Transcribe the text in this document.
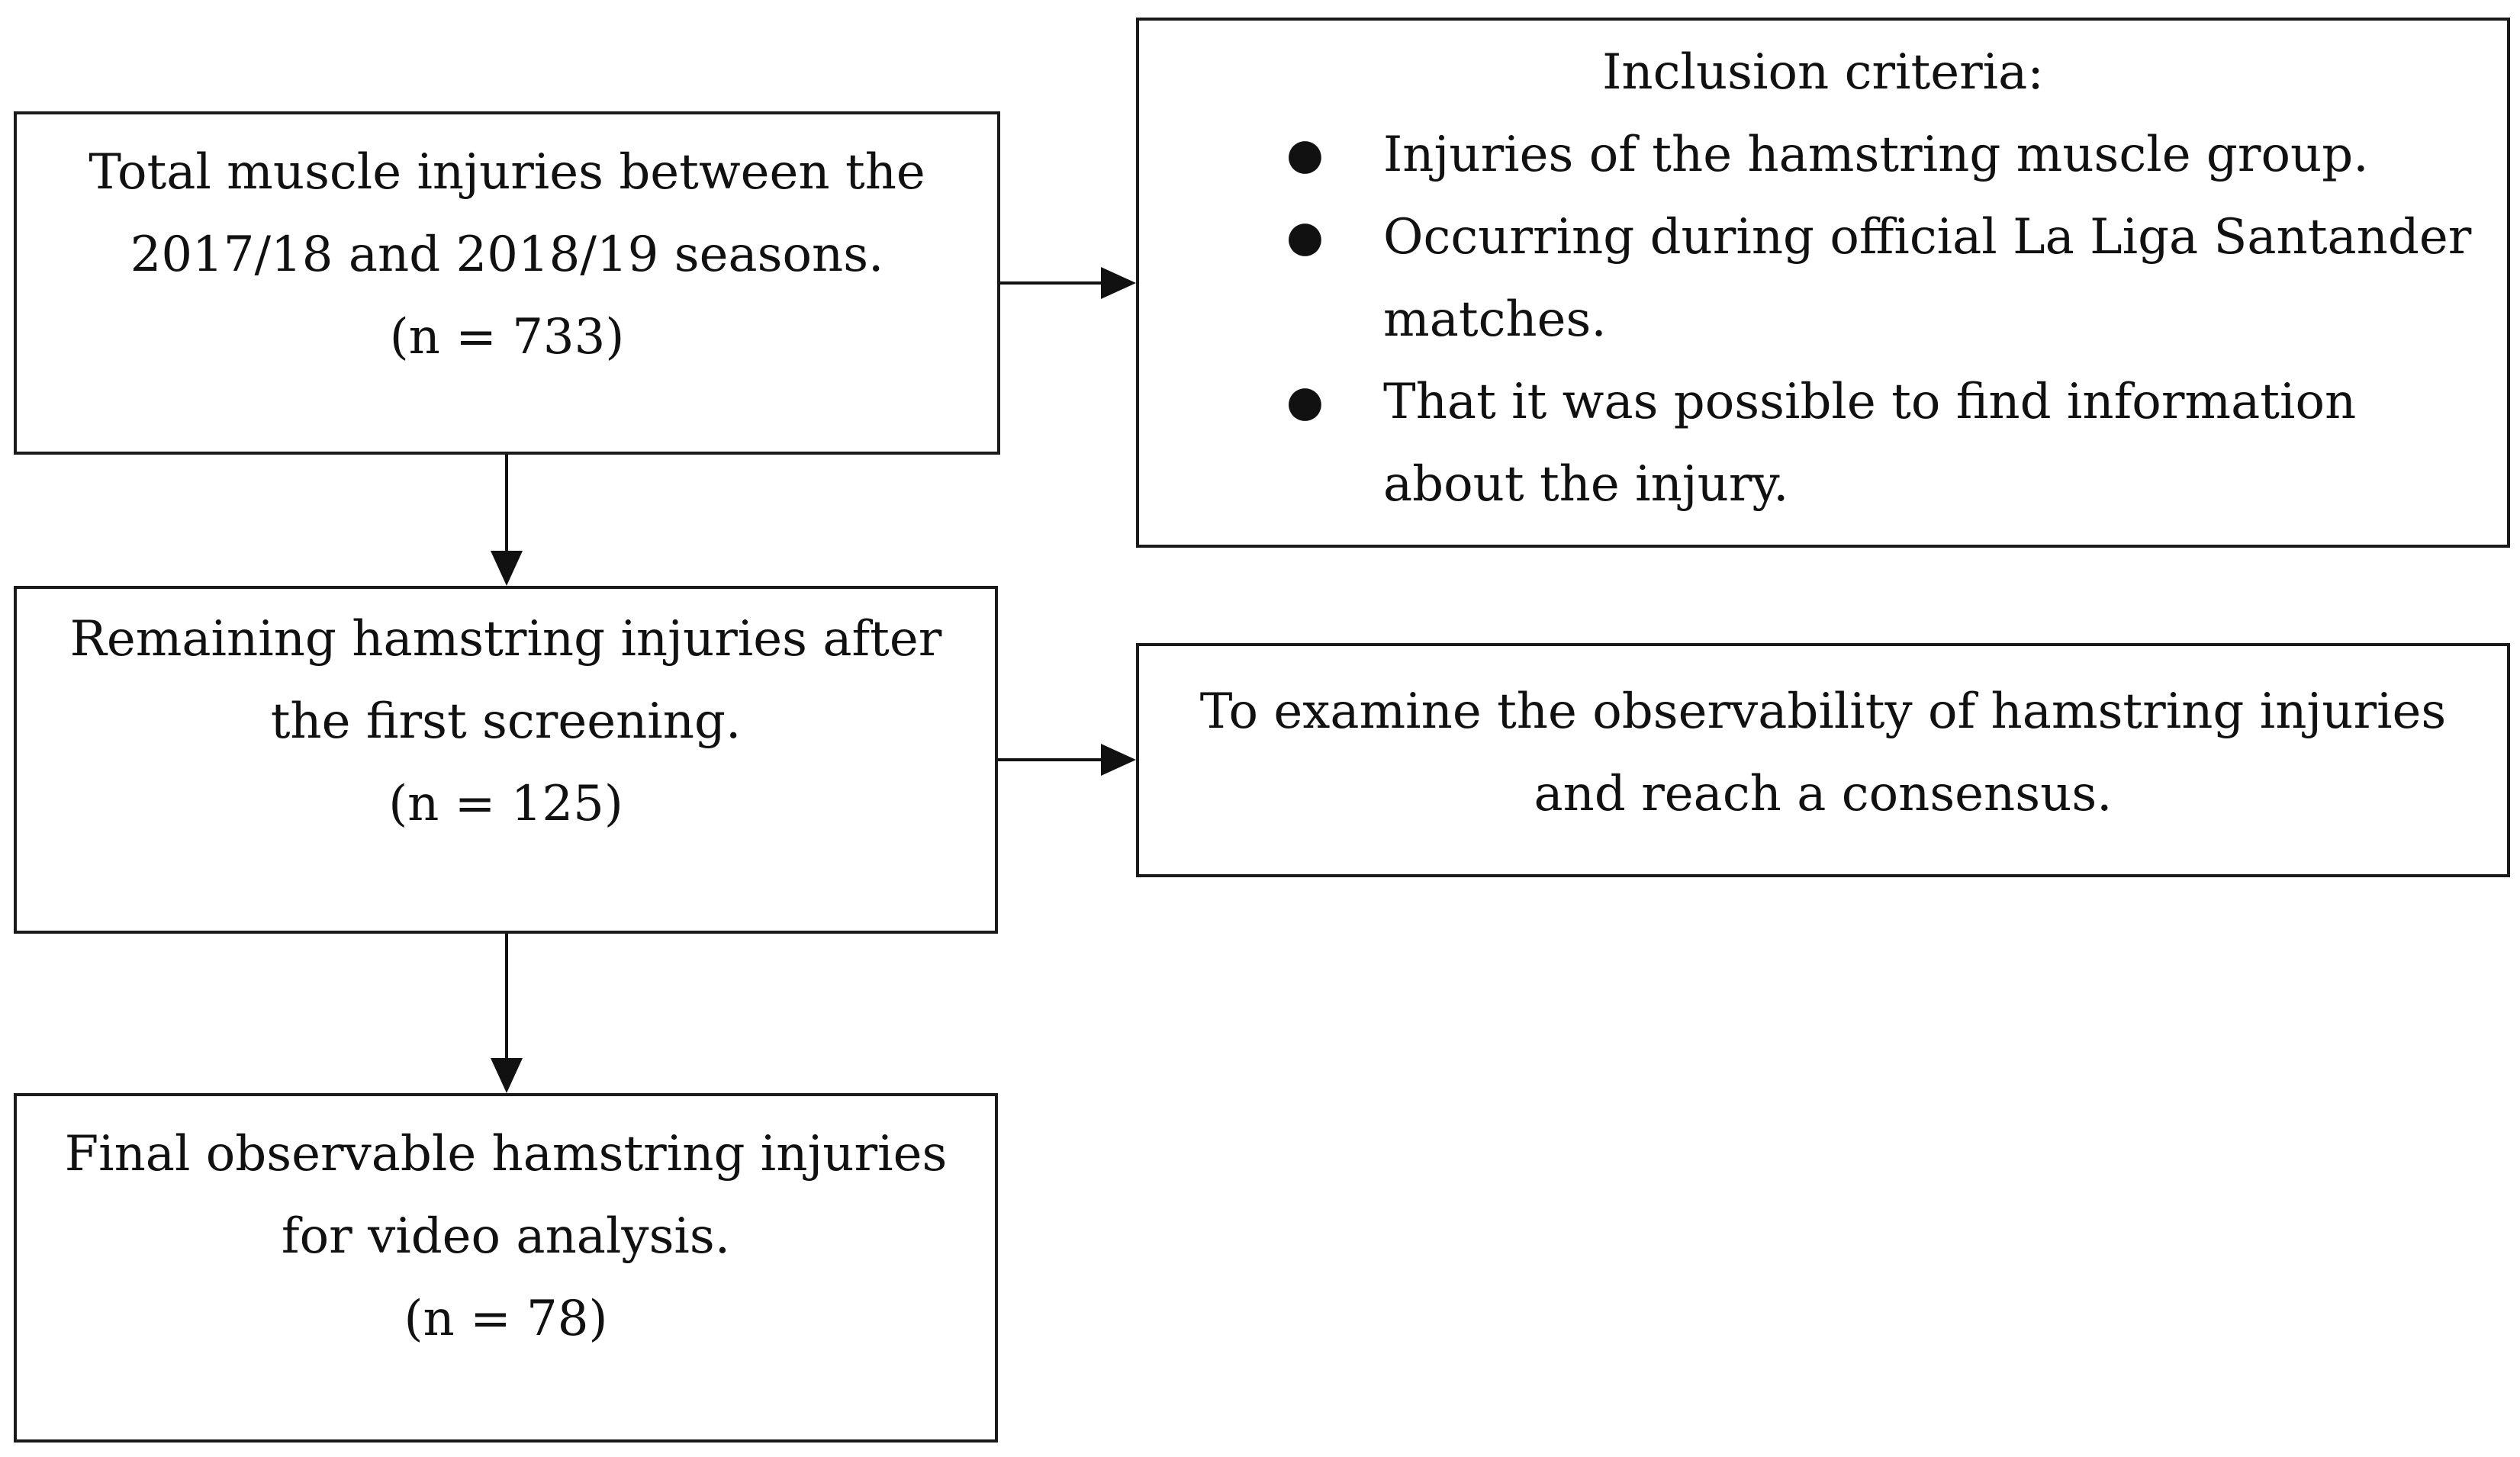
Total muscle injuries between the
2017/18 and 2018/19 seasons.
(n = 733)
Inclusion criteria:
● Injuries of the hamstring muscle group.
● Occurring during official La Liga Santander matches.
● That it was possible to find information about the injury.
Remaining hamstring injuries after
the first screening.
(n = 125)
To examine the observability of hamstring injuries
and reach a consensus.
Final observable hamstring injuries
for video analysis.
(n = 78)
